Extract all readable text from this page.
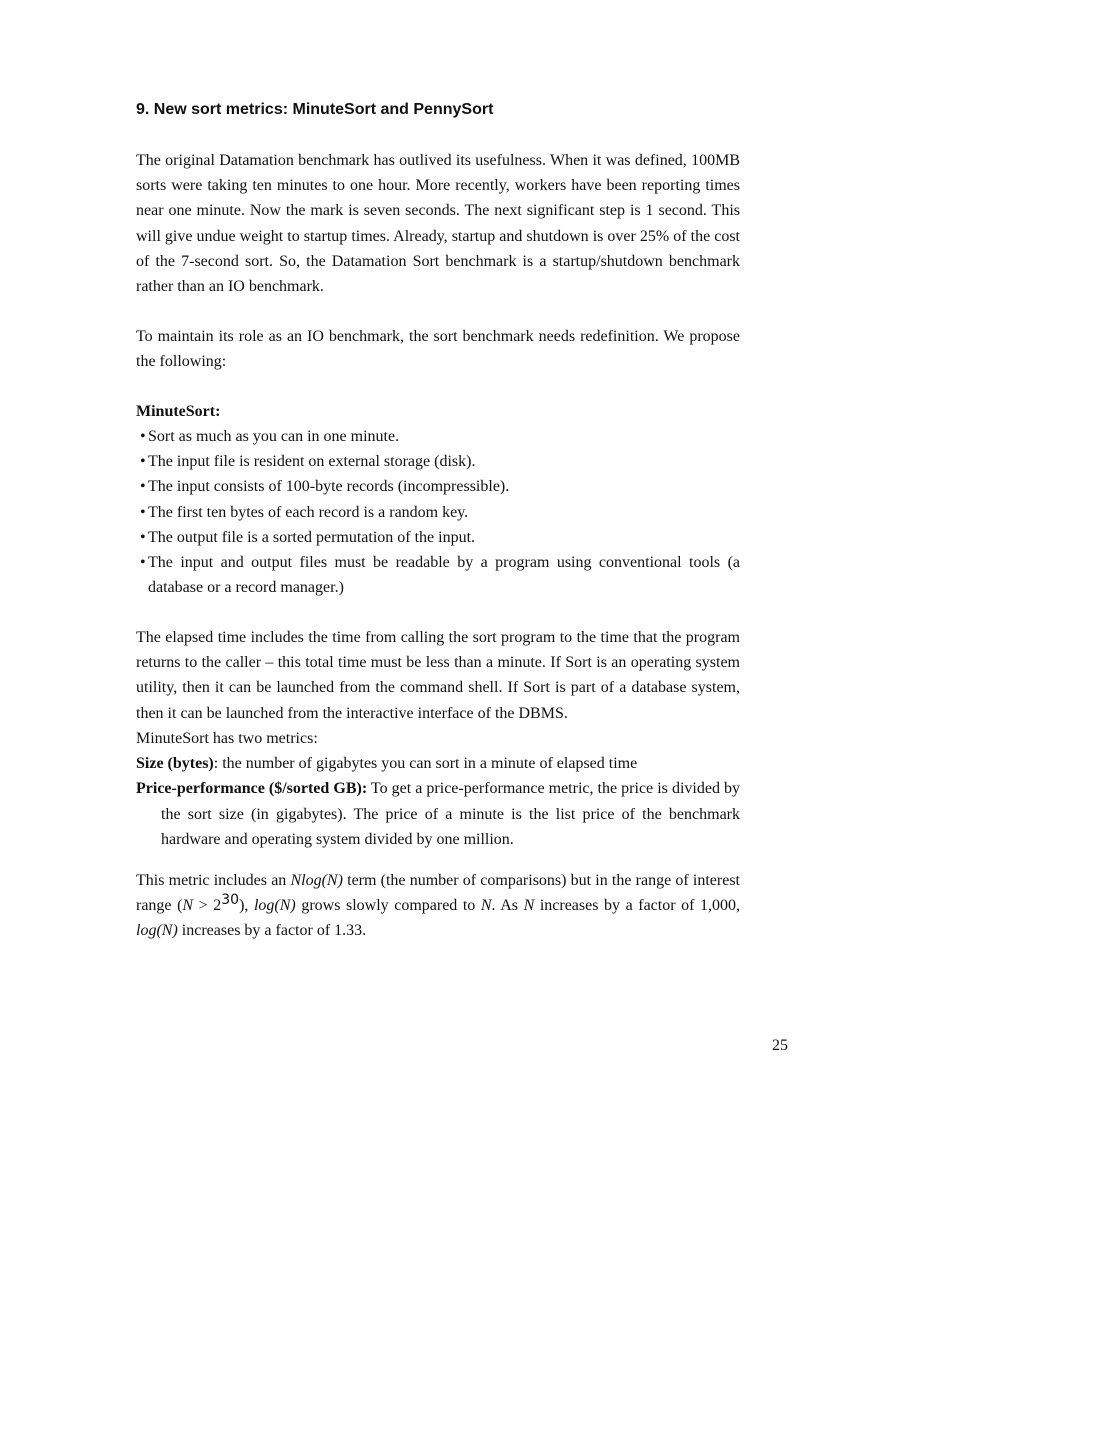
9. New sort metrics: MinuteSort and PennySort

The original Datamation benchmark has outlived its usefulness. When it was defined, 100MB sorts were taking ten minutes to one hour. More recently, workers have been reporting times near one minute. Now the mark is seven seconds. The next significant step is 1 second. This will give undue weight to startup times. Already, startup and shutdown is over 25% of the cost of the 7-second sort. So, the Datamation Sort benchmark is a startup/shutdown benchmark rather than an IO benchmark.

To maintain its role as an IO benchmark, the sort benchmark needs redefinition. We propose the following:

MinuteSort:

• Sort as much as you can in one minute.
• The input file is resident on external storage (disk).
• The input consists of 100-byte records (incompressible).
• The first ten bytes of each record is a random key.
• The output file is a sorted permutation of the input.
• The input and output files must be readable by a program using conventional tools (a database or a record manager.)

The elapsed time includes the time from calling the sort program to the time that the program returns to the caller – this total time must be less than a minute. If Sort is an operating system utility, then it can be launched from the command shell. If Sort is part of a database system, then it can be launched from the interactive interface of the DBMS.

MinuteSort has two metrics:

Size (bytes): the number of gigabytes you can sort in a minute of elapsed time

Price-performance ($/sorted GB): To get a price-performance metric, the price is divided by the sort size (in gigabytes). The price of a minute is the list price of the benchmark hardware and operating system divided by one million.

This metric includes an Nlog(N) term (the number of comparisons) but in the range of interest range $(N > 2^{30})$, log(N) grows slowly compared to N. As N increases by a factor of 1,000, log(N) increases by a factor of 1.33.

25
